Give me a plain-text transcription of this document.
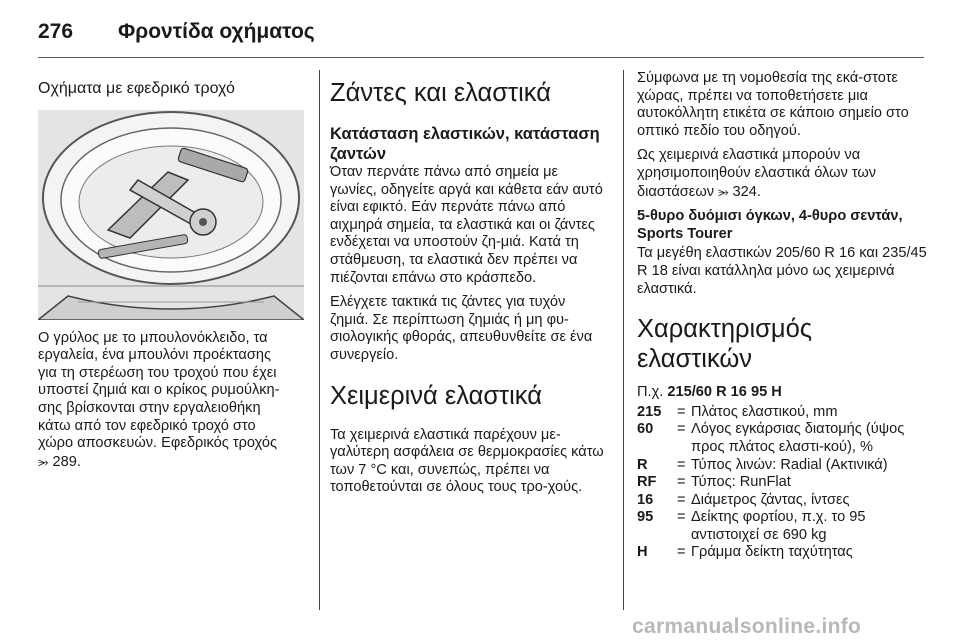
276 Φροντίδα οχήματος
Οχήματα με εφεδρικό τροχό
Ο γρύλος με το μπουλονόκλειδο, τα
εργαλεία, ένα μπουλόνι προέκτασης
για τη στερέωση του τροχού που έχει
υποστεί ζημιά και ο κρίκος ρυμούλκη-
σης βρίσκονται στην εργαλειοθήκη
κάτω από τον εφεδρικό τροχό στο
χώρο αποσκευών. Εφεδρικός τροχός
⭃ 289.
Ζάντες και ελαστικά
Κατάσταση ελαστικών, κατάσταση ζαντών

Όταν περνάτε πάνω από σημεία με γωνίες, οδηγείτε αργά και κάθετα εάν αυτό είναι εφικτό. Εάν περνάτε πάνω από αιχμηρά σημεία, τα ελαστικά και οι ζάντες ενδέχεται να υποστούν ζη-μιά. Κατά τη στάθμευση, τα ελαστικά δεν πρέπει να πιέζονται επάνω στο κράσπεδο.

Ελέγχετε τακτικά τις ζάντες για τυχόν ζημιά. Σε περίπτωση ζημιάς ή μη φυ-σιολογικής φθοράς, απευθυνθείτε σε ένα συνεργείο.

Χειμερινά ελαστικά

Τα χειμερινά ελαστικά παρέχουν με-γαλύτερη ασφάλεια σε θερμοκρασίες κάτω των 7 °C και, συνεπώς, πρέπει να τοποθετούνται σε όλους τους τρο-χούς.

Σύμφωνα με τη νομοθεσία της εκά-στοτε χώρας, πρέπει να τοποθετήσετε μια αυτοκόλλητη ετικέτα σε κάποιο σημείο στο οπτικό πεδίο του οδηγού.

Ως χειμερινά ελαστικά μπορούν να χρησιμοποιηθούν ελαστικά όλων των διαστάσεων ⭃ 324.

5-θυρο δυόμισι όγκων, 4-θυρο σεντάν, Sports Tourer

Τα μεγέθη ελαστικών 205/60 R 16 και 235/45 R 18 είναι κατάλληλα μόνο ως χειμερινά ελαστικά.

Χαρακτηρισμός ελαστικών
Π.χ. 215/60 R 16 95 H
215	= Πλάτος ελαστικού, mm
60	= Λόγος εγκάρσιας διατομής (ύψος προς πλάτος ελαστι-κού), %
R	= Τύπος λινών: Radial (Ακτινικά)
RF	= Τύπος: RunFlat
16	= Διάμετρος ζάντας, ίντσες
95	= Δείκτης φορτίου, π.χ. το 95 αντιστοιχεί σε 690 kg
H	= Γράμμα δείκτη ταχύτητας
carmanualsonline.info
